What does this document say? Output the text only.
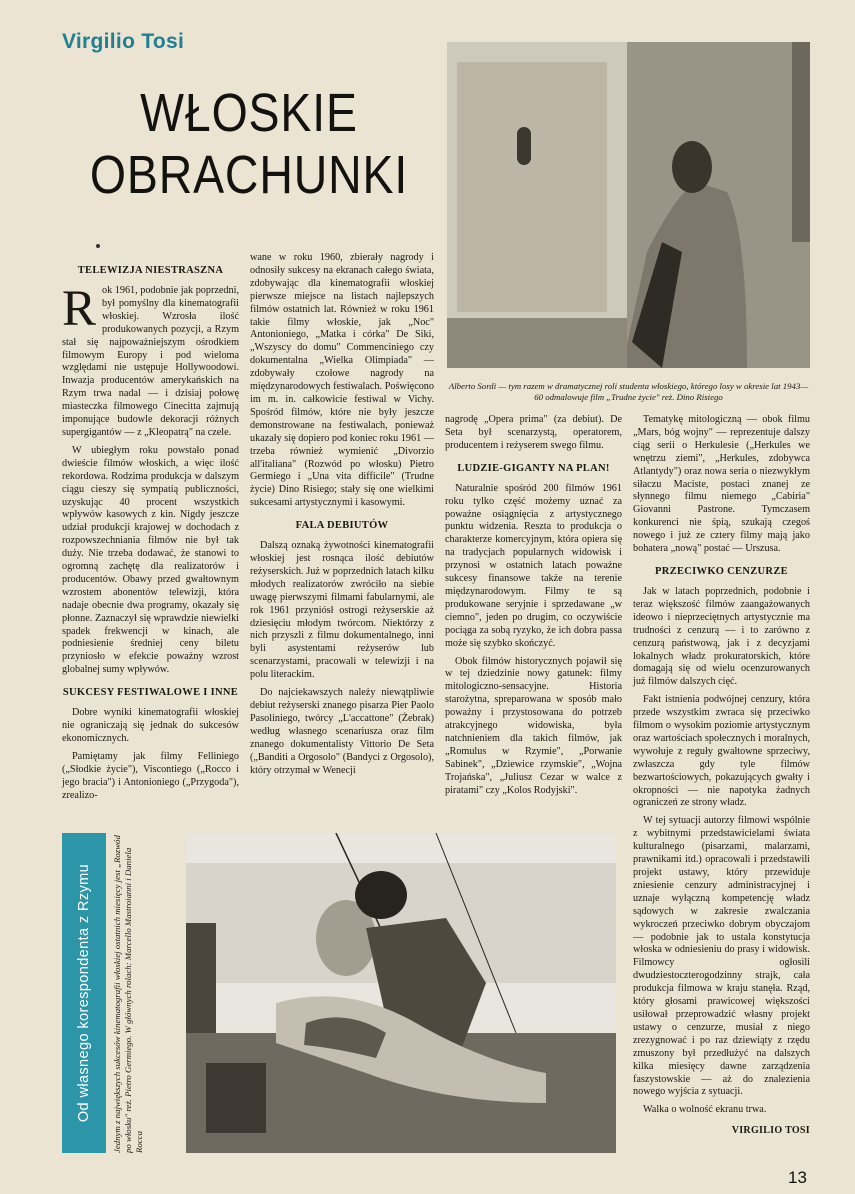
Virgilio Tosi
WŁOSKIE
OBRACHUNKI
Alberto Sordi — tym razem w dramatycznej roli studenta włoskiego, którego losy w okresie lat 1943—60 odmalowuje film „Trudne życie" reż. Dino Risiego
TELEWIZJA NIESTRASZNA

Rok 1961, podobnie jak poprzedni, był pomyślny dla kinematografii włoskiej. Wzrosła ilość produkowanych pozycji, a Rzym stał się najpoważniejszym ośrodkiem filmowym Europy i pod wieloma względami nie ustępuje Hollywoodowi. Inwazja producentów amerykańskich na Rzym trwa nadal — i dzisiaj połowę miasteczka filmowego Cinecitta zajmują imponujące budowle dekoracji różnych supergigantów — z „Kleopatrą" na czele.

W ubiegłym roku powstało ponad dwieście filmów włoskich, a więc ilość rekordowa. Rodzima produkcja w dalszym ciągu cieszy się sympatią publiczności, uzyskując 40 procent wszystkich wpływów kasowych z kin. Nigdy jeszcze udział produkcji krajowej w dochodach z rozpowszechniania filmów nie był tak duży. Nie trzeba dodawać, że stanowi to ogromną zachętę dla realizatorów i producentów. Obawy przed gwałtownym wzrostem abonentów telewizji, która nadaje obecnie dwa programy, okazały się płonne. Zaznaczył się wprawdzie niewielki spadek frekwencji w kinach, ale podniesienie średniej ceny biletu przyniosło w efekcie poważny wzrost globalnej sumy wpływów.

SUKCESY FESTIWALOWE I INNE

Dobre wyniki kinematografii włoskiej nie ograniczają się jednak do sukcesów ekonomicznych.

Pamiętamy jak filmy Felliniego („Słodkie życie"), Viscontiego („Rocco i jego bracia") i Antonioniego („Przygoda"), zrealizo-

wane w roku 1960, zbierały nagrody i odnosiły sukcesy na ekranach całego świata, zdobywając dla kinematografii włoskiej pierwsze miejsce na listach najlepszych filmów ostatnich lat. Również w roku 1961 takie filmy włoskie, jak „Noc" Antonioniego, „Matka i córka" De Siki, „Wszyscy do domu" Commenciniego czy dokumentalna „Wielka Olimpiada" — zdobywały czołowe nagrody na międzynarodowych festiwalach. Poświęcono im m. in. całkowicie festiwal w Vichy. Spośród filmów, które nie były jeszcze demonstrowane na festiwalach, ponieważ ukazały się dopiero pod koniec roku 1961 — trzeba również wymienić „Divorzio all'italiana" (Rozwód po włosku) Pietro Germiego i „Una vita difficile" (Trudne życie) Dino Risiego; stały się one wielkimi sukcesami artystycznymi i kasowymi.

FALA DEBIUTÓW

Dalszą oznaką żywotności kinematografii włoskiej jest rosnąca ilość debiutów reżyserskich. Już w poprzednich latach kilku młodych realizatorów zwróciło na siebie uwagę pierwszymi filmami fabularnymi, ale rok 1961 przyniósł ostrogi reżyserskie aż dziesięciu młodym twórcom. Niektórzy z nich przyszli z filmu dokumentalnego, inni byli asystentami reżyserów lub scenarzystami, pracowali w telewizji i na polu literackim.

Do najciekawszych należy niewątpliwie debiut reżyserski znanego pisarza Pier Paolo Pasoliniego, twórcy „L'accattone" (Żebrak) według własnego scenariusza oraz film znanego dokumentalisty Vittorio De Seta („Banditi a Orgosolo" (Bandyci z Orgosolo), który otrzymał w Wenecji

nagrodę „Opera prima" (za debiut). De Seta był scenarzystą, operatorem, producentem i reżyserem swego filmu.

LUDZIE-GIGANTY NA PLAN!

Naturalnie spośród 200 filmów 1961 roku tylko część możemy uznać za poważne osiągnięcia z artystycznego punktu widzenia. Reszta to produkcja o charakterze komercyjnym, która opiera się na tradycjach popularnych widowisk i przynosi w ostatnich latach poważne sukcesy finansowe także na terenie międzynarodowym. Filmy te są produkowane seryjnie i sprzedawane „w ciemno", jeden po drugim, co oczywiście pociąga za sobą ryzyko, że ich dobra passa może się szybko skończyć.

Obok filmów historycznych pojawił się w tej dziedzinie nowy gatunek: filmy mitologiczno-sensacyjne. Historia starożytna, spreparowana w sposób mało poważny i przystosowana do potrzeb atrakcyjnego widowiska, była natchnieniem dla takich filmów, jak „Romulus w Rzymie", „Porwanie Sabinek", „Dziewice rzymskie", „Wojna Trojańska", „Juliusz Cezar w walce z piratami" czy „Kolos Rodyjski".

Tematykę mitologiczną — obok filmu „Mars, bóg wojny" — reprezentuje dalszy ciąg serii o Herkulesie („Herkules we wnętrzu ziemi", „Herkules, zdobywca Atlantydy") oraz nowa seria o niezwykłym siłaczu Maciste, postaci znanej ze słynnego filmu niemego „Cabiria" Giovanni Pastrone. Tymczasem konkurenci nie śpią, szukają czegoś nowego i już ze cztery filmy mają jako bohatera „nową" postać — Urszusa.

PRZECIWKO CENZURZE

Jak w latach poprzednich, podobnie i teraz większość filmów zaangażowanych ideowo i nieprzeciętnych artystycznie ma trudności z cenzurą — i to zarówno z cenzurą państwową, jak i z decyzjami lokalnych władz prokuratorskich, które domagają się od wielu ocenzurowanych już filmów dalszych cięć.

Fakt istnienia podwójnej cenzury, która przede wszystkim zwraca się przeciwko filmom o wysokim poziomie artystycznym oraz wartościach społecznych i moralnych, wywołuje z reguły gwałtowne sprzeciwy, zwłaszcza gdy tyle filmów bezwartościowych, pokazujących gwałty i okropności — nie napotyka żadnych ograniczeń ze strony władz.

W tej sytuacji autorzy filmowi wspólnie z wybitnymi przedstawicielami świata kulturalnego (pisarzami, malarzami, prawnikami itd.) opracowali i przedstawili projekt ustawy, który przewiduje zniesienie cenzury administracyjnej i uznaje wyłączną kompetencję władz sądowych w zakresie zwalczania wykroczeń przeciwko dobrym obyczajom — podobnie jak to ustala konstytucja włoska w odniesieniu do prasy i widowisk. Filmowcy ogłosili dwudziestoczterogodzinny strajk, cała produkcja filmowa w kraju stanęła. Rząd, który głosami prawicowej większości usiłował przeprowadzić własny projekt ustawy o cenzurze, musiał z niego zrezygnować i po raz dziewiąty z rzędu zmuszony był przedłużyć na dalszych kilka miesięcy dawne zarządzenia faszystowskie — aż do znalezienia nowego wyjścia z sytuacji.

Walka o wolność ekranu trwa.

VIRGILIO TOSI
Od własnego korespondenta z Rzymu Jednym z największych sukcesów kinematografii włoskiej ostatnich miesięcy jest „Rozwód po włosku" reż. Pietro Germiego. W głównych rolach: Marcello Mastroianni i Daniela Rocca
13
